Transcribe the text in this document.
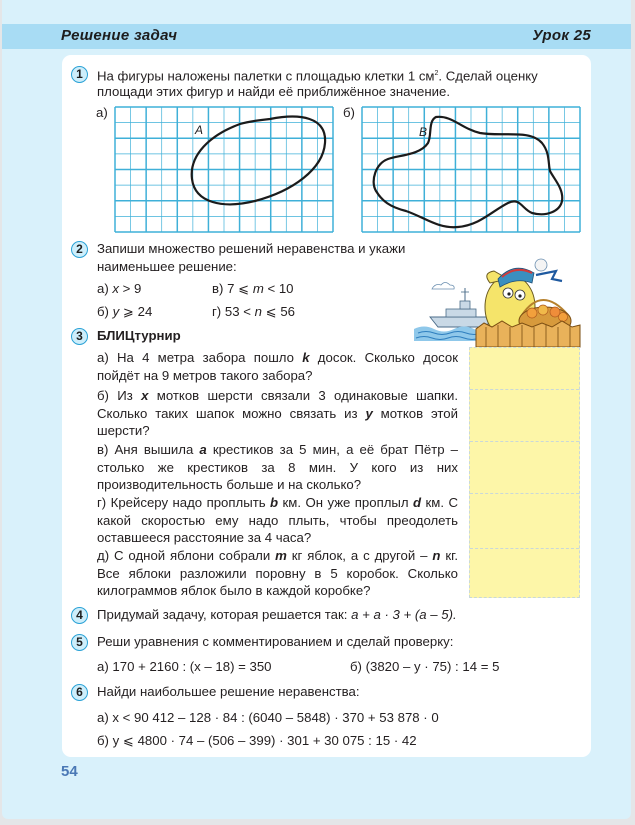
Решение задач	Урок 25
1	На фигуры наложены палетки с площадью клетки 1 $см^2$. Сделай оценку
площади этих фигур и найди её приближённое значение.
а)
A
б)
B
2	Запиши множество решений неравенства и укажи
наименьшее решение:
а) x > 9	в) 7 ⩽ m < 10
б) y ⩾ 24	г) 53 < n ⩽ 56
3	БЛИЦтурнир
а) На 4 метра забора пошло k досок. Сколько досок пойдёт на 9 метров такого забора?
б) Из x мотков шерсти связали 3 одинаковые шапки. Сколько таких шапок можно связать из y мотков этой шерсти?
в) Аня вышила a крестиков за 5 мин, а её брат Пётр – столько же крестиков за 8 мин. У кого из них производительность больше и на сколько?
г) Крейсеру надо проплыть b км. Он уже проплыл d км. С какой скоростью ему надо плыть, чтобы преодолеть оставшееся расстояние за 4 часа?
д) С одной яблони собрали m кг яблок, а с другой – n кг. Все яблоки разложили поровну в 5 коробок. Сколько килограммов яблок было в каждой коробке?
4	Придумай задачу, которая решается так: a + a · 3 + (a – 5).
5	Реши уравнения с комментированием и сделай проверку:
а) 170 + 2160 : (x – 18) = 350	б) (3820 – y · 75) : 14 = 5
6	Найди наибольшее решение неравенства:
а) x < 90 412 – 128 · 84 : (6040 – 5848) · 370 + 53 878 · 0
б) y ⩽ 4800 · 74 – (506 – 399) · 301 + 30 075 : 15 · 42
54
